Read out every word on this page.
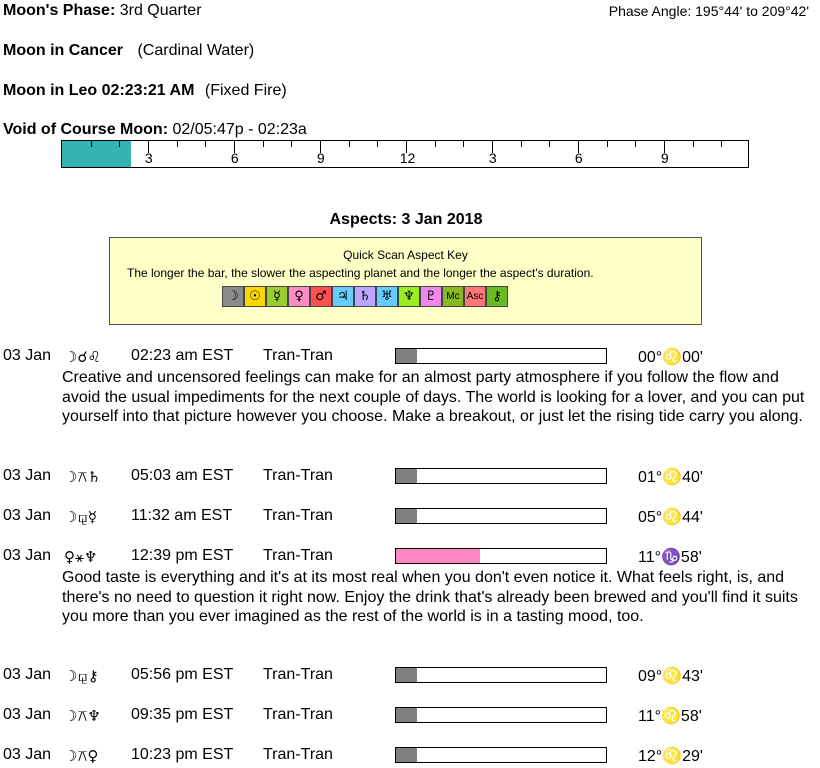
Moon's Phase: 3rd Quarter	Phase Angle: 195°44' to 209°42'
Moon in Cancer (Cardinal Water)
Moon in Leo 02:23:21 AM (Fixed Fire)
Void of Course Moon: 02/05:47p - 02:23a
3	6	9	12	3	6	9
Aspects: 3 Jan 2018
Quick Scan Aspect Key
The longer the bar, the slower the aspecting planet and the longer the aspect's duration.
☽ ☉ ☿	♀ ♂ ♃ ♄ ♅ ♆ ♇ Mc Asc ⚷
03 Jan ☽☌♌ 02:23 am EST Tran-Tran	00°♌00'
Creative and uncensored feelings can make for an almost party atmosphere if you follow the flow and avoid the usual impediments for the next couple of days. The world is looking for a lover, and you can put yourself into that picture however you choose. Make a breakout, or just let the rising tide carry you along.
03 Jan ☽⚻♄ 05:03 am EST Tran-Tran	01°♌40'
03 Jan ☽⚼☿ 11:32 am EST Tran-Tran	05°♌44'
03 Jan ♀⚹♆ 12:39 pm EST Tran-Tran	11°♑58'
Good taste is everything and it's at its most real when you don't even notice it. What feels right, is, and there's no need to question it right now. Enjoy the drink that's already been brewed and you'll find it suits you more than you ever imagined as the rest of the world is in a tasting mood, too.
03 Jan ☽⚼⚷ 05:56 pm EST Tran-Tran	09°♌43'
03 Jan ☽⚻♆ 09:35 pm EST Tran-Tran	11°♌58'
03 Jan ☽⚻♀ 10:23 pm EST Tran-Tran	12°♌29'
